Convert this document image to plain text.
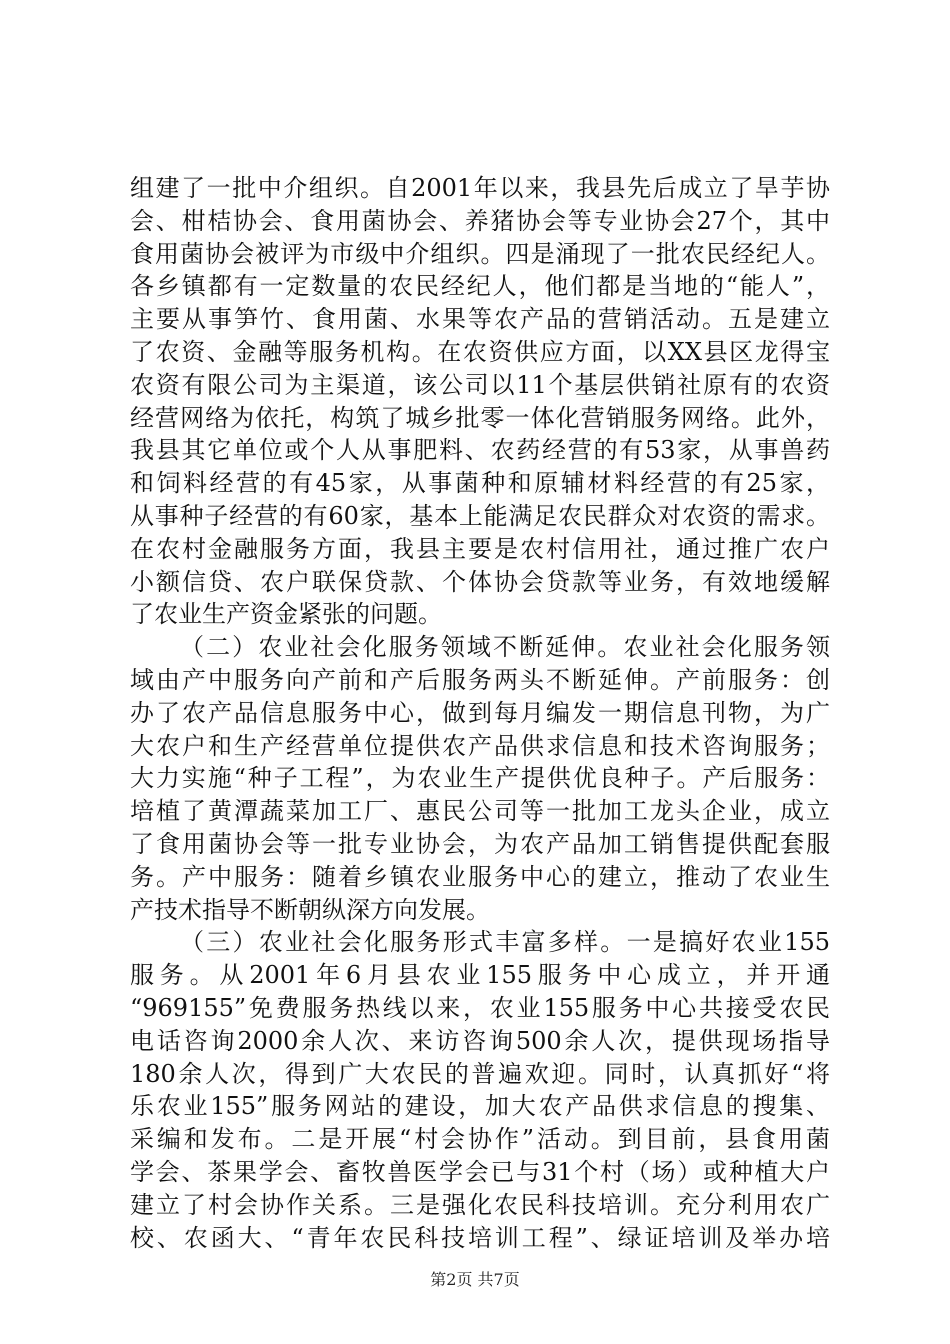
组建了一批中介组织。自2001年以来，我县先后成立了旱芋协
会、柑桔协会、食用菌协会、养猪协会等专业协会27个，其中
食用菌协会被评为市级中介组织。四是涌现了一批农民经纪人。
各乡镇都有一定数量的农民经纪人，他们都是当地的“能人”，
主要从事笋竹、食用菌、水果等农产品的营销活动。五是建立
了农资、金融等服务机构。在农资供应方面，以XX县区龙得宝
农资有限公司为主渠道，该公司以11个基层供销社原有的农资
经营网络为依托，构筑了城乡批零一体化营销服务网络。此外，
我县其它单位或个人从事肥料、农药经营的有53家，从事兽药
和饲料经营的有45家，从事菌种和原辅材料经营的有25家，
从事种子经营的有60家，基本上能满足农民群众对农资的需求。
在农村金融服务方面，我县主要是农村信用社，通过推广农户
小额信贷、农户联保贷款、个体协会贷款等业务，有效地缓解
了农业生产资金紧张的问题。
（二）农业社会化服务领域不断延伸。农业社会化服务领
域由产中服务向产前和产后服务两头不断延伸。产前服务：创
办了农产品信息服务中心，做到每月编发一期信息刊物，为广
大农户和生产经营单位提供农产品供求信息和技术咨询服务；
大力实施“种子工程”，为农业生产提供优良种子。产后服务：
培植了黄潭蔬菜加工厂、惠民公司等一批加工龙头企业，成立
了食用菌协会等一批专业协会，为农产品加工销售提供配套服
务。产中服务：随着乡镇农业服务中心的建立，推动了农业生
产技术指导不断朝纵深方向发展。
（三）农业社会化服务形式丰富多样。一是搞好农业155
服务。从2001年6月县农业155服务中心成立，并开通
“969155”免费服务热线以来，农业155服务中心共接受农民
电话咨询2000余人次、来访咨询500余人次，提供现场指导
180余人次，得到广大农民的普遍欢迎。同时，认真抓好“将
乐农业155”服务网站的建设，加大农产品供求信息的搜集、
采编和发布。二是开展“村会协作”活动。到目前，县食用菌
学会、茶果学会、畜牧兽医学会已与31个村（场）或种植大户
建立了村会协作关系。三是强化农民科技培训。充分利用农广
校、农函大、“青年农民科技培训工程”、绿证培训及举办培
第2页 共7页
